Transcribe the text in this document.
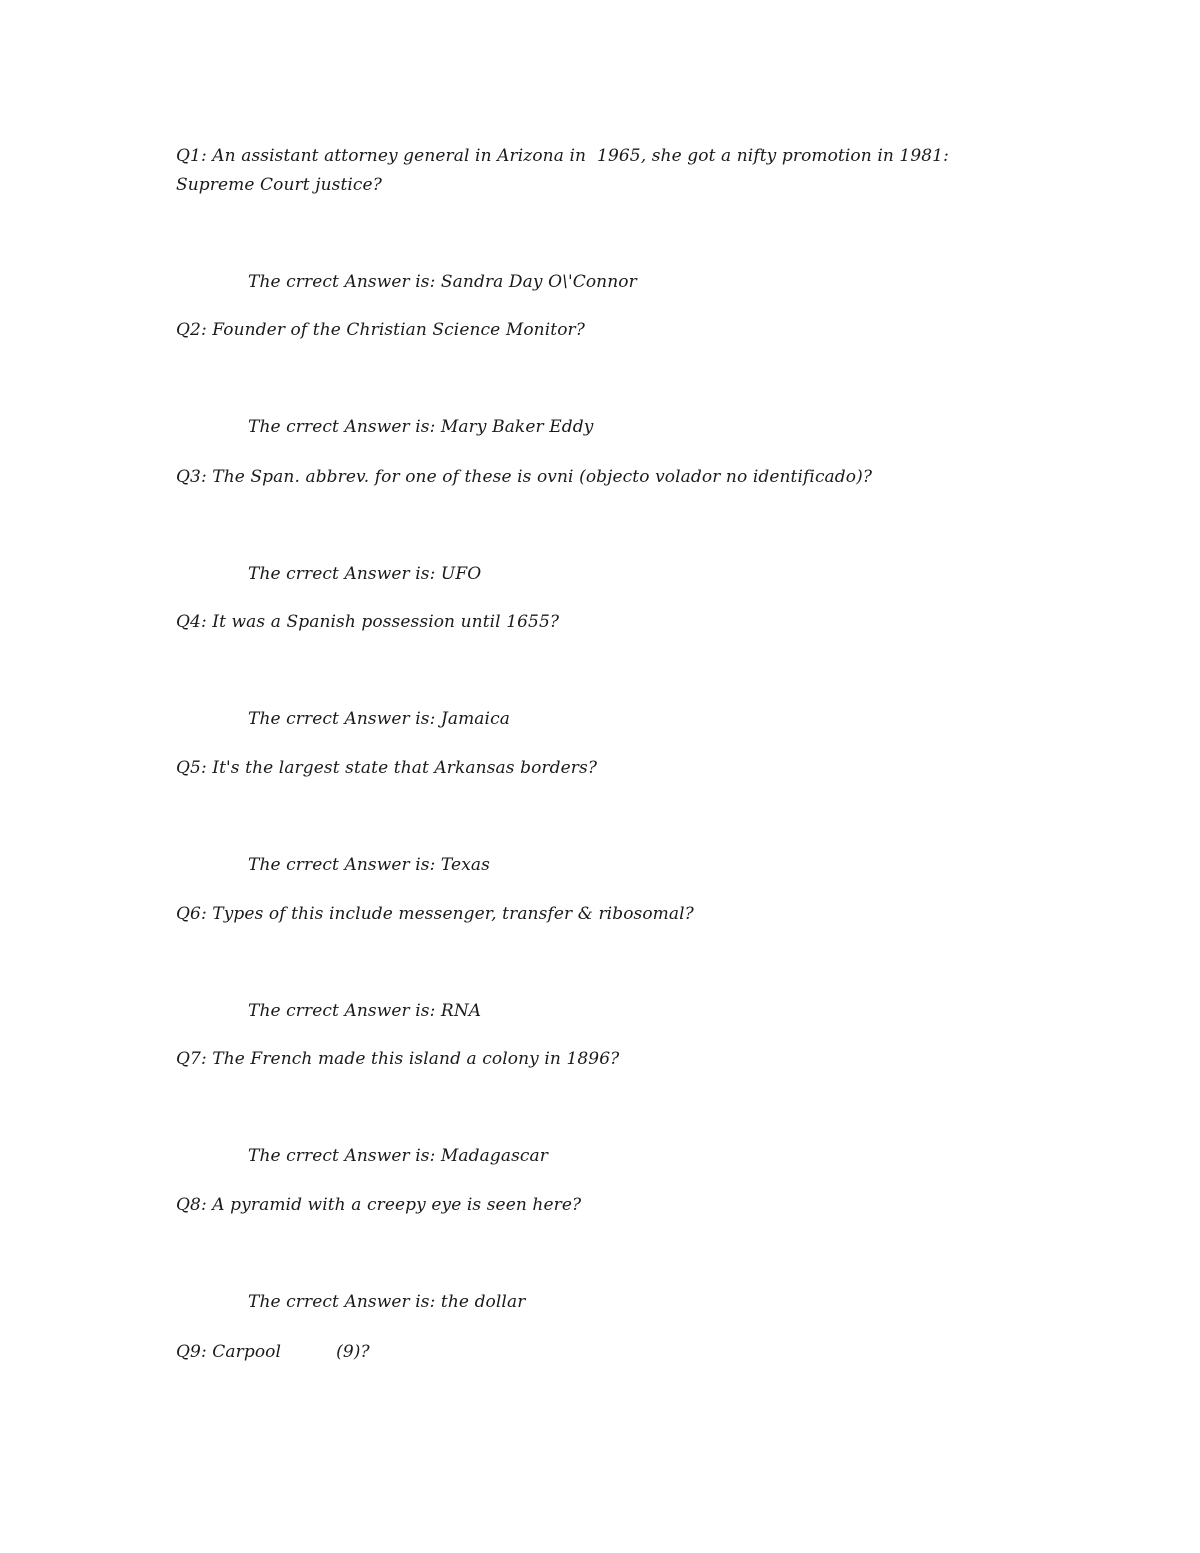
Q1: An assistant attorney general in Arizona in  1965, she got a nifty promotion in 1981:
Supreme Court justice?
The crrect Answer is: Sandra Day O\'Connor
Q2: Founder of the Christian Science Monitor?
The crrect Answer is: Mary Baker Eddy
Q3: The Span. abbrev. for one of these is ovni (objecto volador no identificado)?
The crrect Answer is: UFO
Q4: It was a Spanish possession until 1655?
The crrect Answer is: Jamaica
Q5: It's the largest state that Arkansas borders?
The crrect Answer is: Texas
Q6: Types of this include messenger, transfer & ribosomal?
The crrect Answer is: RNA
Q7: The French made this island a colony in 1896?
The crrect Answer is: Madagascar
Q8: A pyramid with a creepy eye is seen here?
The crrect Answer is: the dollar
Q9: Carpool          (9)?
